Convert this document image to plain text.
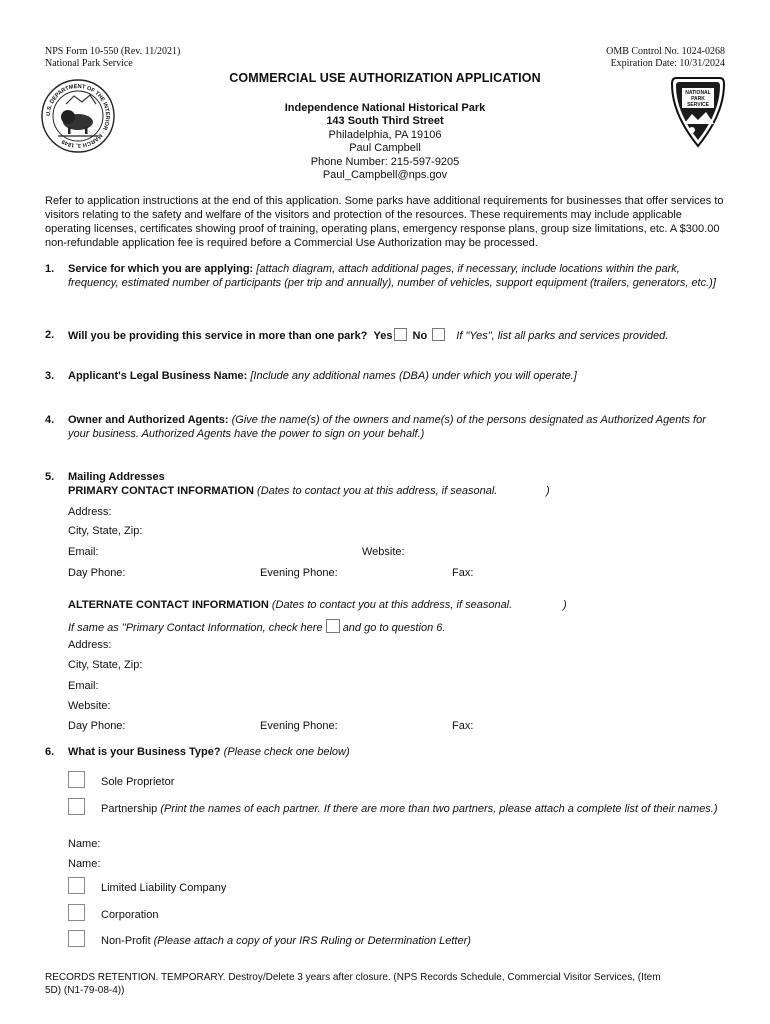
NPS Form 10-550 (Rev. 11/2021)
National Park Service
OMB Control No. 1024-0268
Expiration Date: 10/31/2024
U.S. DEPARTMENT OF THE INTERIOR · MARCH 3, 1849
NATIONAL
PARK
SERVICE
COMMERCIAL USE AUTHORIZATION APPLICATION
Independence National Historical Park
143 South Third Street
Philadelphia, PA 19106
Paul Campbell
Phone Number: 215-597-9205
Paul_Campbell@nps.gov
Refer to application instructions at the end of this application. Some parks have additional requirements for businesses that offer services to visitors relating to the safety and welfare of the visitors and protection of the resources. These requirements may include applicable operating licenses, certificates showing proof of training, operating plans, emergency response plans, group size limitations, etc. A $300.00 non-refundable application fee is required before a Commercial Use Authorization may be processed.
1.	Service for which you are applying: [attach diagram, attach additional pages, if necessary, include locations within the park, frequency, estimated number of participants (per trip and annually), number of vehicles, support equipment (trailers, generators, etc.)]
2.	Will you be providing this service in more than one park? Yes No	If "Yes", list all parks and services provided.
3.	Applicant's Legal Business Name: [Include any additional names (DBA) under which you will operate.]
4.	Owner and Authorized Agents: (Give the name(s) of the owners and name(s) of the persons designated as Authorized Agents for your business. Authorized Agents have the power to sign on your behalf.)
5.	Mailing Addresses
PRIMARY CONTACT INFORMATION (Dates to contact you at this address, if seasonal.	)
Address:
City, State, Zip:
Email:	Website:
Day Phone:	Evening Phone:	Fax:
ALTERNATE CONTACT INFORMATION (Dates to contact you at this address, if seasonal.	)
If same as "Primary Contact Information, check here and go to question 6.
Address:
City, State, Zip:
Email:
Website:
Day Phone:	Evening Phone:	Fax:
6.	What is your Business Type? (Please check one below)
Sole Proprietor
Partnership (Print the names of each partner. If there are more than two partners, please attach a complete list of their names.)
Name:
Name:
Limited Liability Company
Corporation
Non-Profit (Please attach a copy of your IRS Ruling or Determination Letter)
RECORDS RETENTION. TEMPORARY. Destroy/Delete 3 years after closure. (NPS Records Schedule, Commercial Visitor Services, (Item 5D) (N1-79-08-4))
